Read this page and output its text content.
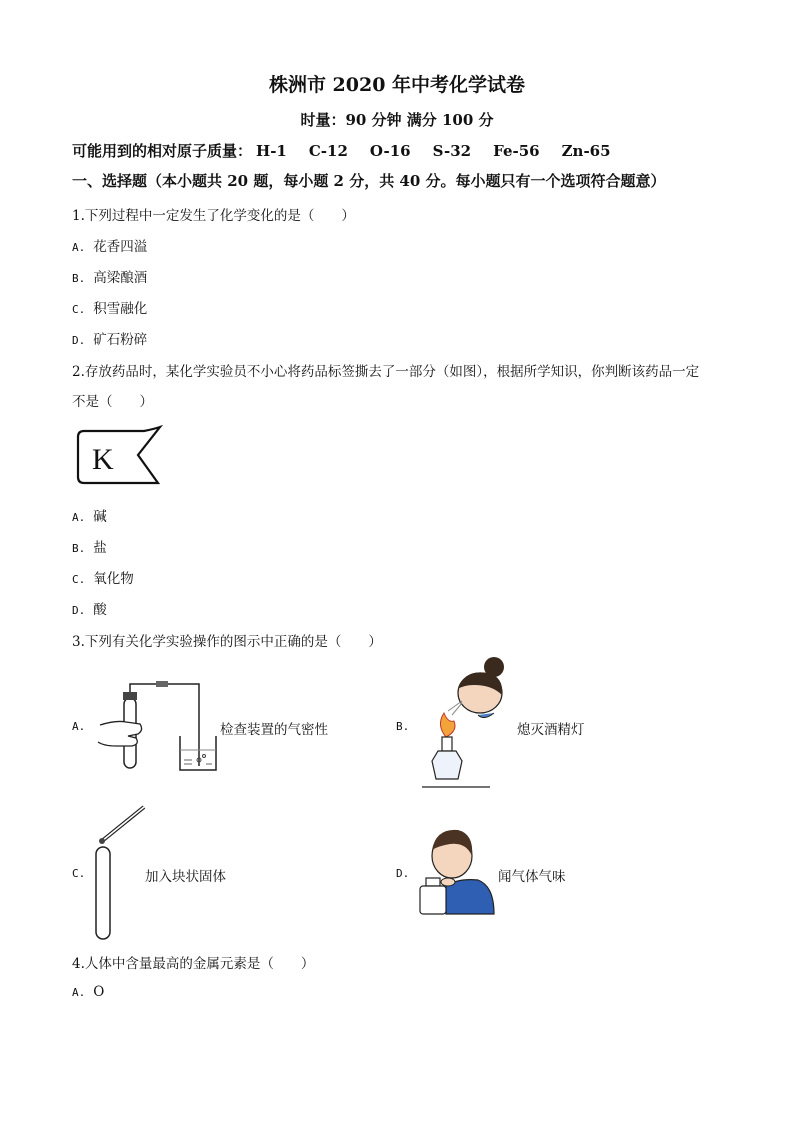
株洲市 2020 年中考化学试卷
时量：90 分钟 满分 100 分
可能用到的相对原子质量： H-1 C-12 O-16 S-32 Fe-56 Zn-65
一、选择题（本小题共 20 题，每小题 2 分，共 40 分。每小题只有一个选项符合题意）
1.下列过程中一定发生了化学变化的是（　　）
A. 花香四溢
B. 高梁酿酒
C. 积雪融化
D. 矿石粉碎
2.存放药品时，某化学实验员不小心将药品标签撕去了一部分（如图），根据所学知识，你判断该药品一定
不是（　　）
K
A. 碱
B. 盐
C. 氧化物
D. 酸
3.下列有关化学实验操作的图示中正确的是（　　）
A.	检查装置的气密性	B.	熄灭酒精灯
C.	加入块状固体	D.	闻气体气味
4.人体中含量最高的金属元素是（　　）
A. O
